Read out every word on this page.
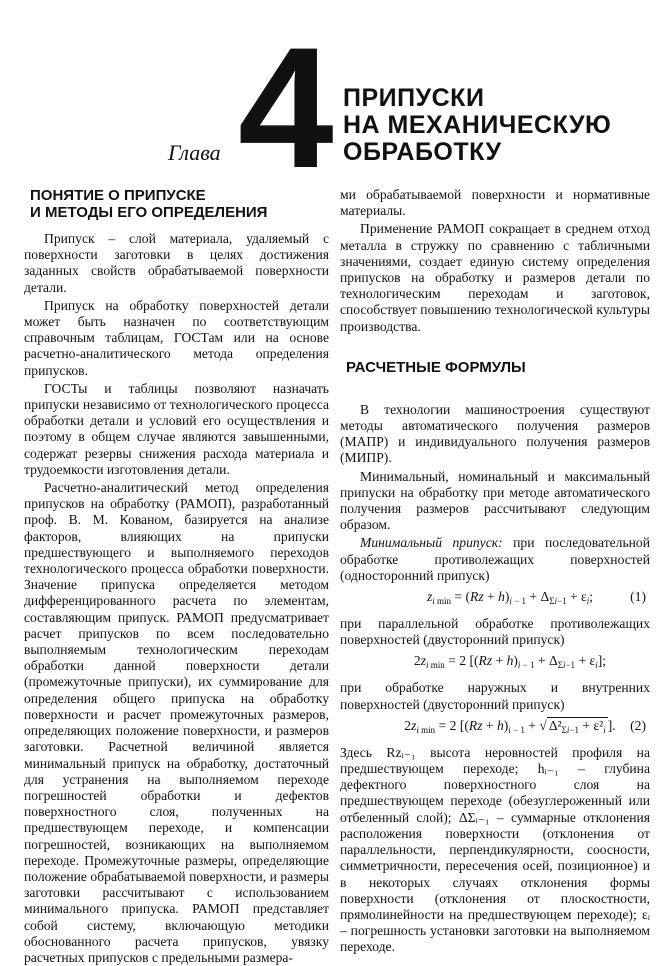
Глава 4 ПРИПУСКИ
НА МЕХАНИЧЕСКУЮ
ОБРАБОТКУ
ПОНЯТИЕ О ПРИПУСКЕ
И МЕТОДЫ ЕГО ОПРЕДЕЛЕНИЯ

Припуск – слой материала, удаляемый с поверхности заготовки в целях достижения заданных свойств обрабатываемой поверхности детали.

Припуск на обработку поверхностей детали может быть назначен по соответствующим справочным таблицам, ГОСТам или на основе расчетно-аналитического метода определения припусков.

ГОСТы и таблицы позволяют назначать припуски независимо от технологического процесса обработки детали и условий его осуществления и поэтому в общем случае являются завышенными, содержат резервы снижения расхода материала и трудоемкости изготовления детали.

Расчетно-аналитический метод определения припусков на обработку (РАМОП), разработанный проф. В. М. Кованом, базируется на анализе факторов, влияющих на припуски предшествующего и выполняемого переходов технологического процесса обработки поверхности. Значение припуска определяется методом дифференцированного расчета по элементам, составляющим припуск. РАМОП предусматривает расчет припусков по всем последовательно выполняемым технологическим переходам обработки данной поверхности детали (промежуточные припуски), их суммирование для определения общего припуска на обработку поверхности и расчет промежуточных размеров, определяющих положение поверхности, и размеров заготовки. Расчетной величиной является минимальный припуск на обработку, достаточный для устранения на выполняемом переходе погрешностей обработки и дефектов поверхностного слоя, полученных на предшествующем переходе, и компенсации погрешностей, возникающих на выполняемом переходе. Промежуточные размеры, определяющие положение обрабатываемой поверхности, и размеры заготовки рассчитывают с использованием минимального припуска. РАМОП представляет собой систему, включающую методики обоснованного расчета припусков, увязку расчетных припусков с предельными размера-

ми обрабатываемой поверхности и нормативные материалы.

Применение РАМОП сокращает в среднем отход металла в стружку по сравнению с табличными значениями, создает единую систему определения припусков на обработку и размеров детали по технологическим переходам и заготовок, способствует повышению технологической культуры производства.

РАСЧЕТНЫЕ ФОРМУЛЫ

В технологии машиностроения существуют методы автоматического получения размеров (МАПР) и индивидуального получения размеров (МИПР).

Минимальный, номинальный и максимальный припуски на обработку при методе автоматического получения размеров рассчитывают следующим образом.

Минимальный припуск: при последовательной обработке противолежащих поверхностей (односторонний припуск)

$z_{i min} = (Rz + h)_{i - 1} + \Delta_{\Sigma i-1} + \varepsilon_i$;	(1)

при параллельной обработке противолежащих поверхностей (двусторонний припуск)

$2z_{i min} = 2$ $[(Rz + h)_{i - 1} + \Delta_{\Sigma i-1} + \varepsilon_i]$;

при обработке наружных и внутренних поверхностей (двусторонний припуск)

$2z_{i min} = 2$ [$(Rz + h)_{i - 1}$ + √ $\Delta^2_{\Sigma i-1} + \varepsilon^2_i$ ]. (2)

Здесь Rzᵢ₋₁ высота неровностей профиля на предшествующем переходе; hᵢ₋₁ – глубина дефектного поверхностного слоя на предшествующем переходе (обезуглероженный или отбеленный слой); ΔΣᵢ₋₁ – суммарные отклонения расположения поверхности (отклонения от параллельности, перпендикулярности, соосности, симметричности, пересечения осей, позиционное) и в некоторых случаях отклонения формы поверхности (отклонения от плоскостности, прямолинейности на предшествующем переходе); εᵢ – погрешность установки заготовки на выполняемом переходе.
